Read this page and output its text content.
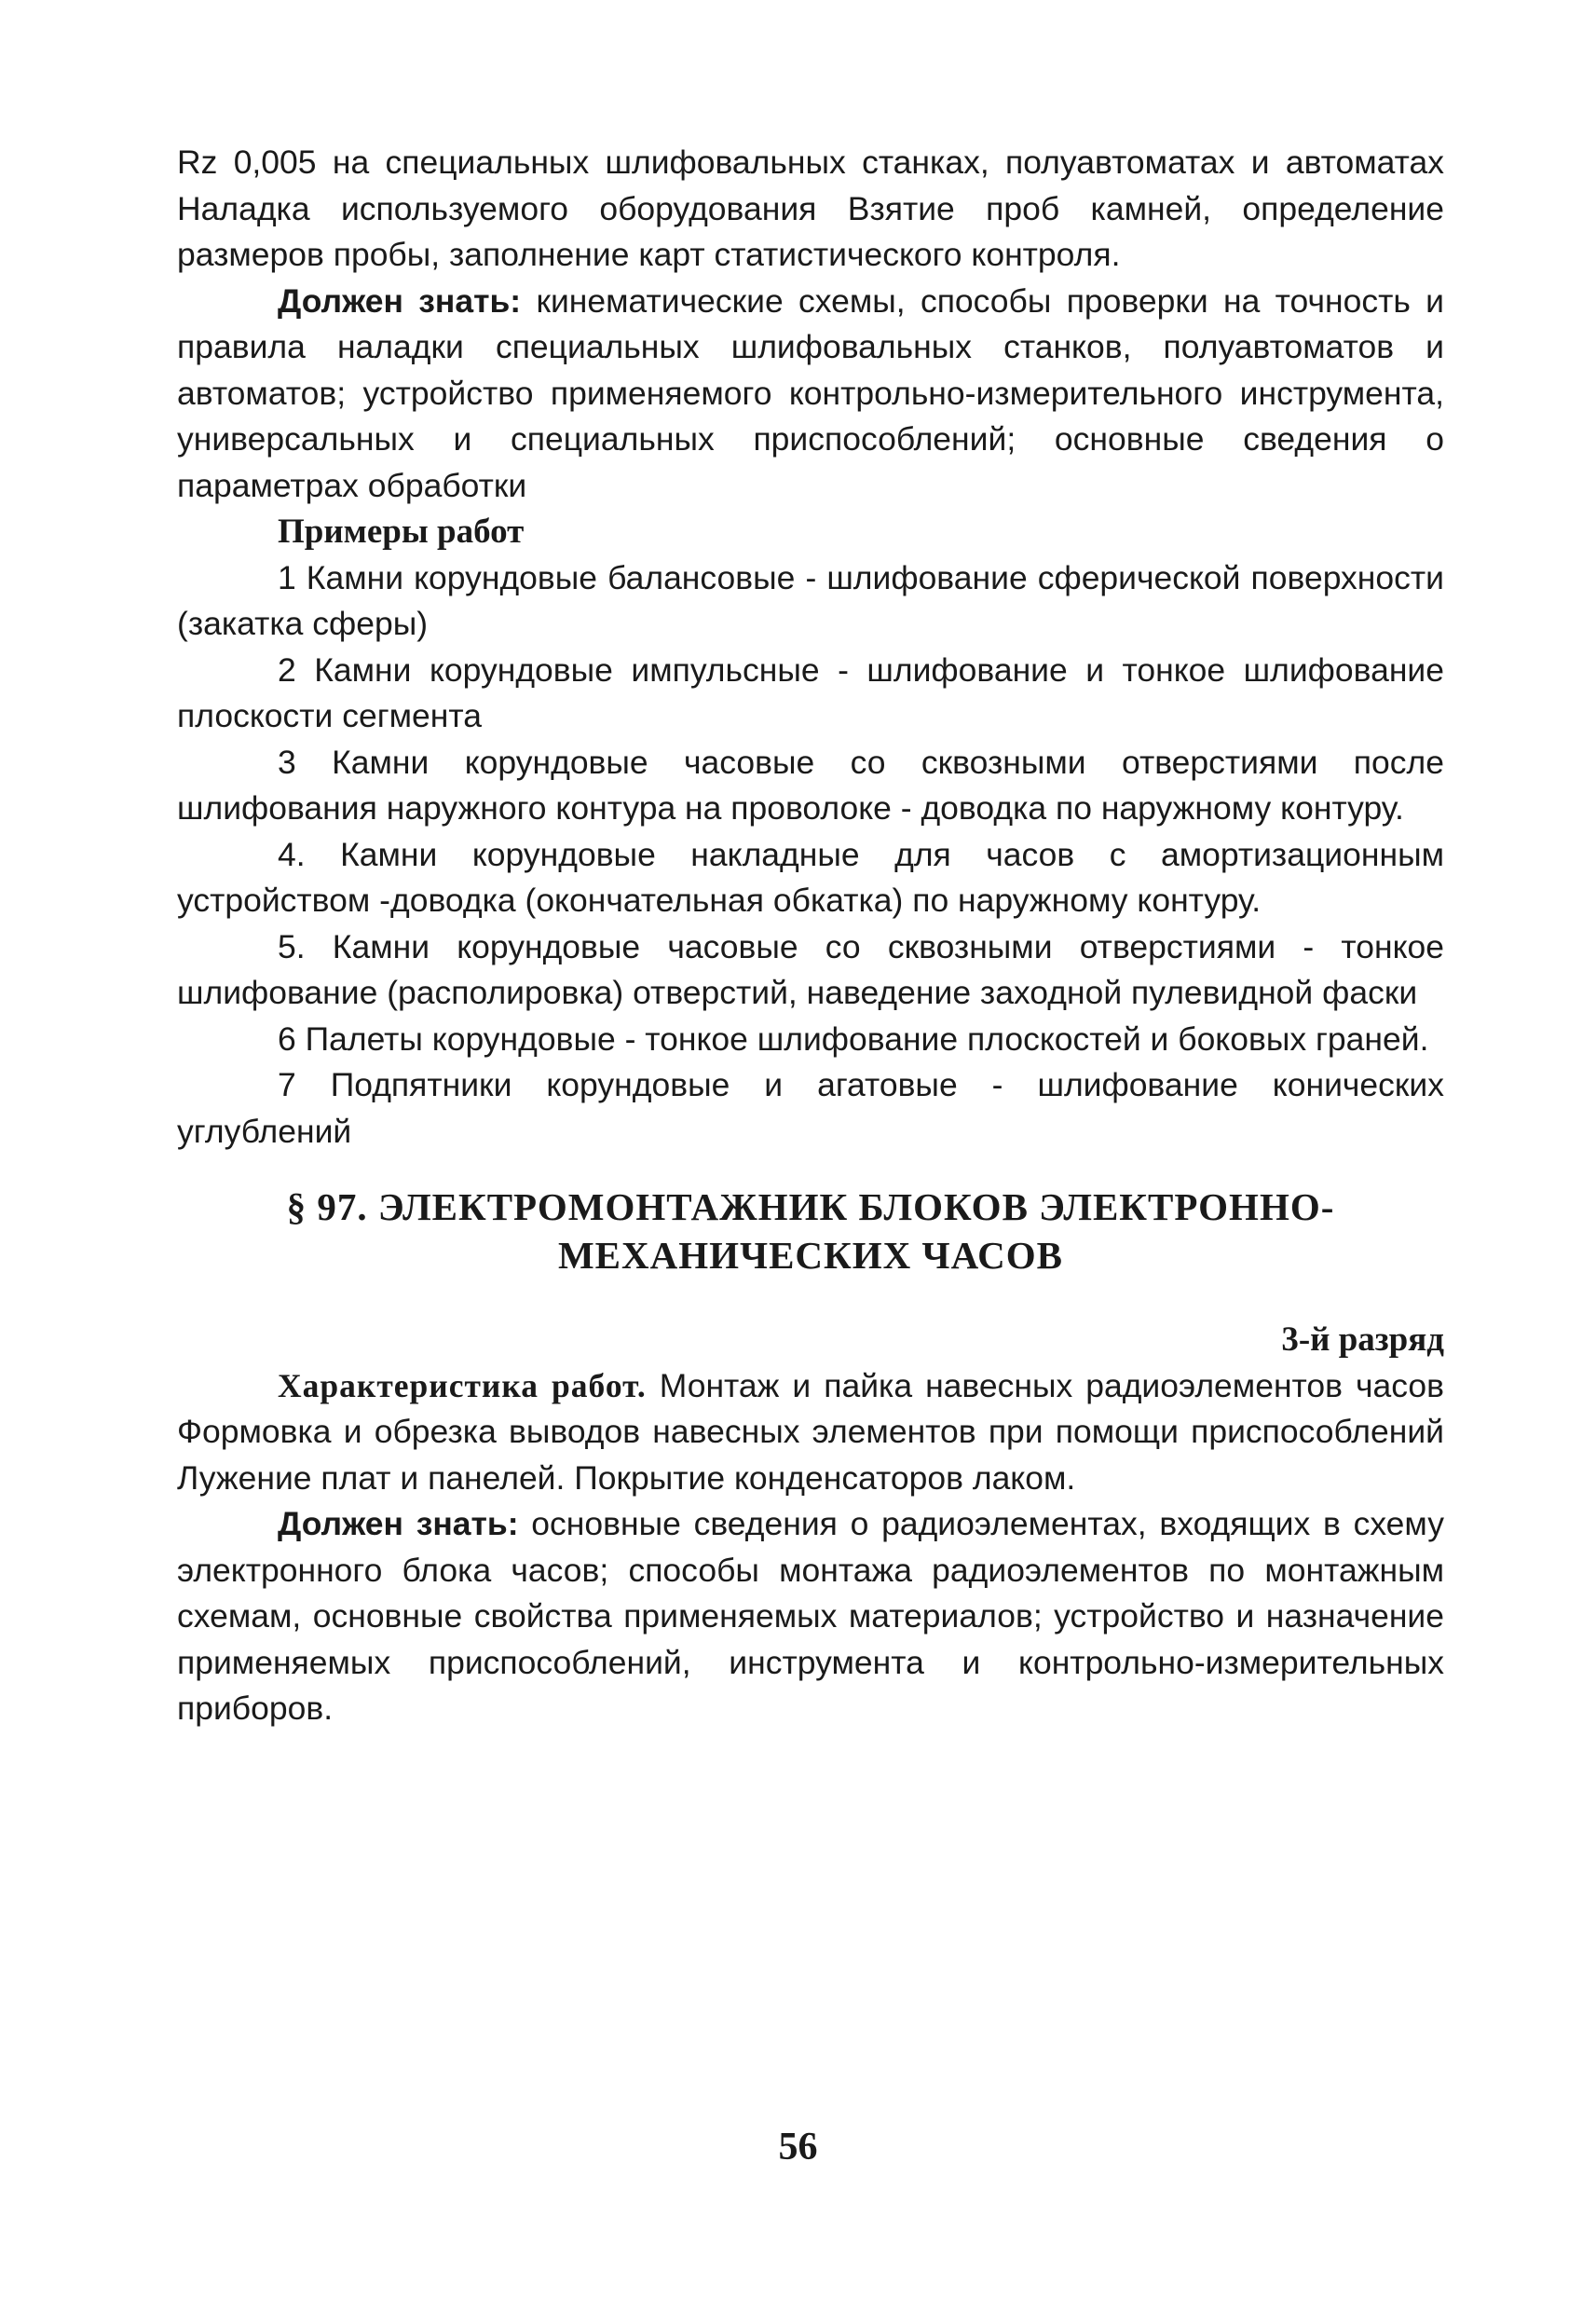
Rz 0,005 на специальных шлифовальных станках, полуавтоматах и автоматах Наладка используемого оборудования Взятие проб камней, определение размеров пробы, заполнение карт статистического контроля.

Должен знать: кинематические схемы, способы проверки на точность и правила наладки специальных шлифовальных станков, полуавтоматов и автоматов; устройство применяемого контрольно-измерительного инструмента, универсальных и специальных приспособлений; основные сведения о параметрах обработки

Примеры работ

1 Камни корундовые балансовые - шлифование сферической поверхности (закатка сферы)

2 Камни корундовые импульсные - шлифование и тонкое шлифование плоскости сегмента

3 Камни корундовые часовые со сквозными отверстиями после шлифования наружного контура на проволоке - доводка по наружному контуру.

4. Камни корундовые накладные для часов с амортизационным устройством -доводка (окончательная обкатка) по наружному контуру.

5. Камни корундовые часовые со сквозными отверстиями - тонкое шлифование (располировка) отверстий, наведение заходной пулевидной фаски

6 Палеты корундовые - тонкое шлифование плоскостей и боковых граней.

7 Подпятники корундовые и агатовые - шлифование конических углублений

§ 97. ЭЛЕКТРОМОНТАЖНИК БЛОКОВ ЭЛЕКТРОННО-
МЕХАНИЧЕСКИХ ЧАСОВ

3-й разряд

Характеристика работ. Монтаж и пайка навесных радиоэлементов часов Формовка и обрезка выводов навесных элементов при помощи приспособлений Лужение плат и панелей. Покрытие конденсаторов лаком.

Должен знать: основные сведения о радиоэлементах, входящих в схему электронного блока часов; способы монтажа радиоэлементов по монтажным схемам, основные свойства применяемых материалов; устройство и назначение применяемых приспособлений, инструмента и контрольно-измерительных приборов.

56
